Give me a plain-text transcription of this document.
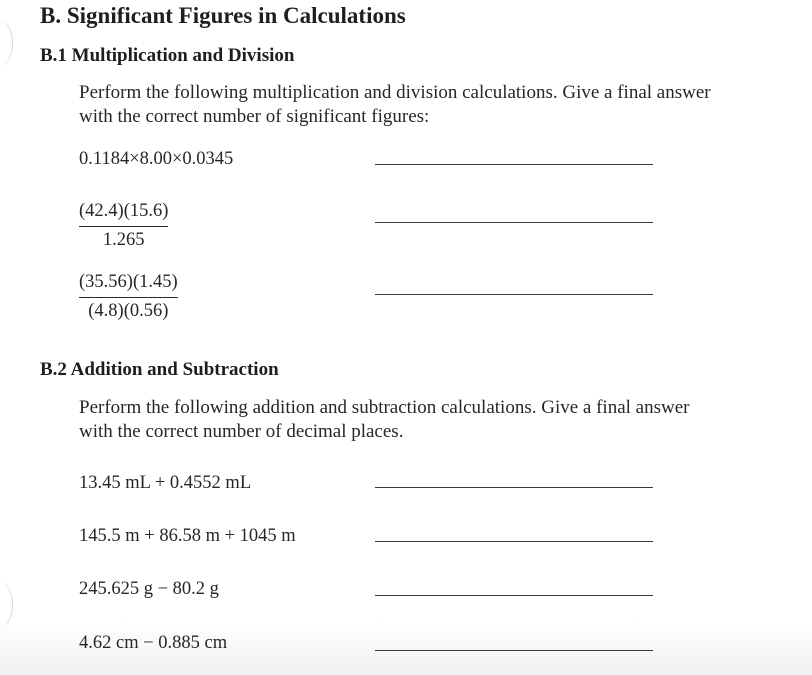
B. Significant Figures in Calculations
B.1 Multiplication and Division
Perform the following multiplication and division calculations. Give a final answer
with the correct number of significant figures:
0.1184×8.00×0.0345
(42.4)(15.6)
1.265
(35.56)(1.45)
(4.8)(0.56)
B.2 Addition and Subtraction
Perform the following addition and subtraction calculations. Give a final answer
with the correct number of decimal places.
13.45 mL + 0.4552 mL
145.5 m + 86.58 m + 1045 m
245.625 g − 80.2 g
4.62 cm − 0.885 cm
